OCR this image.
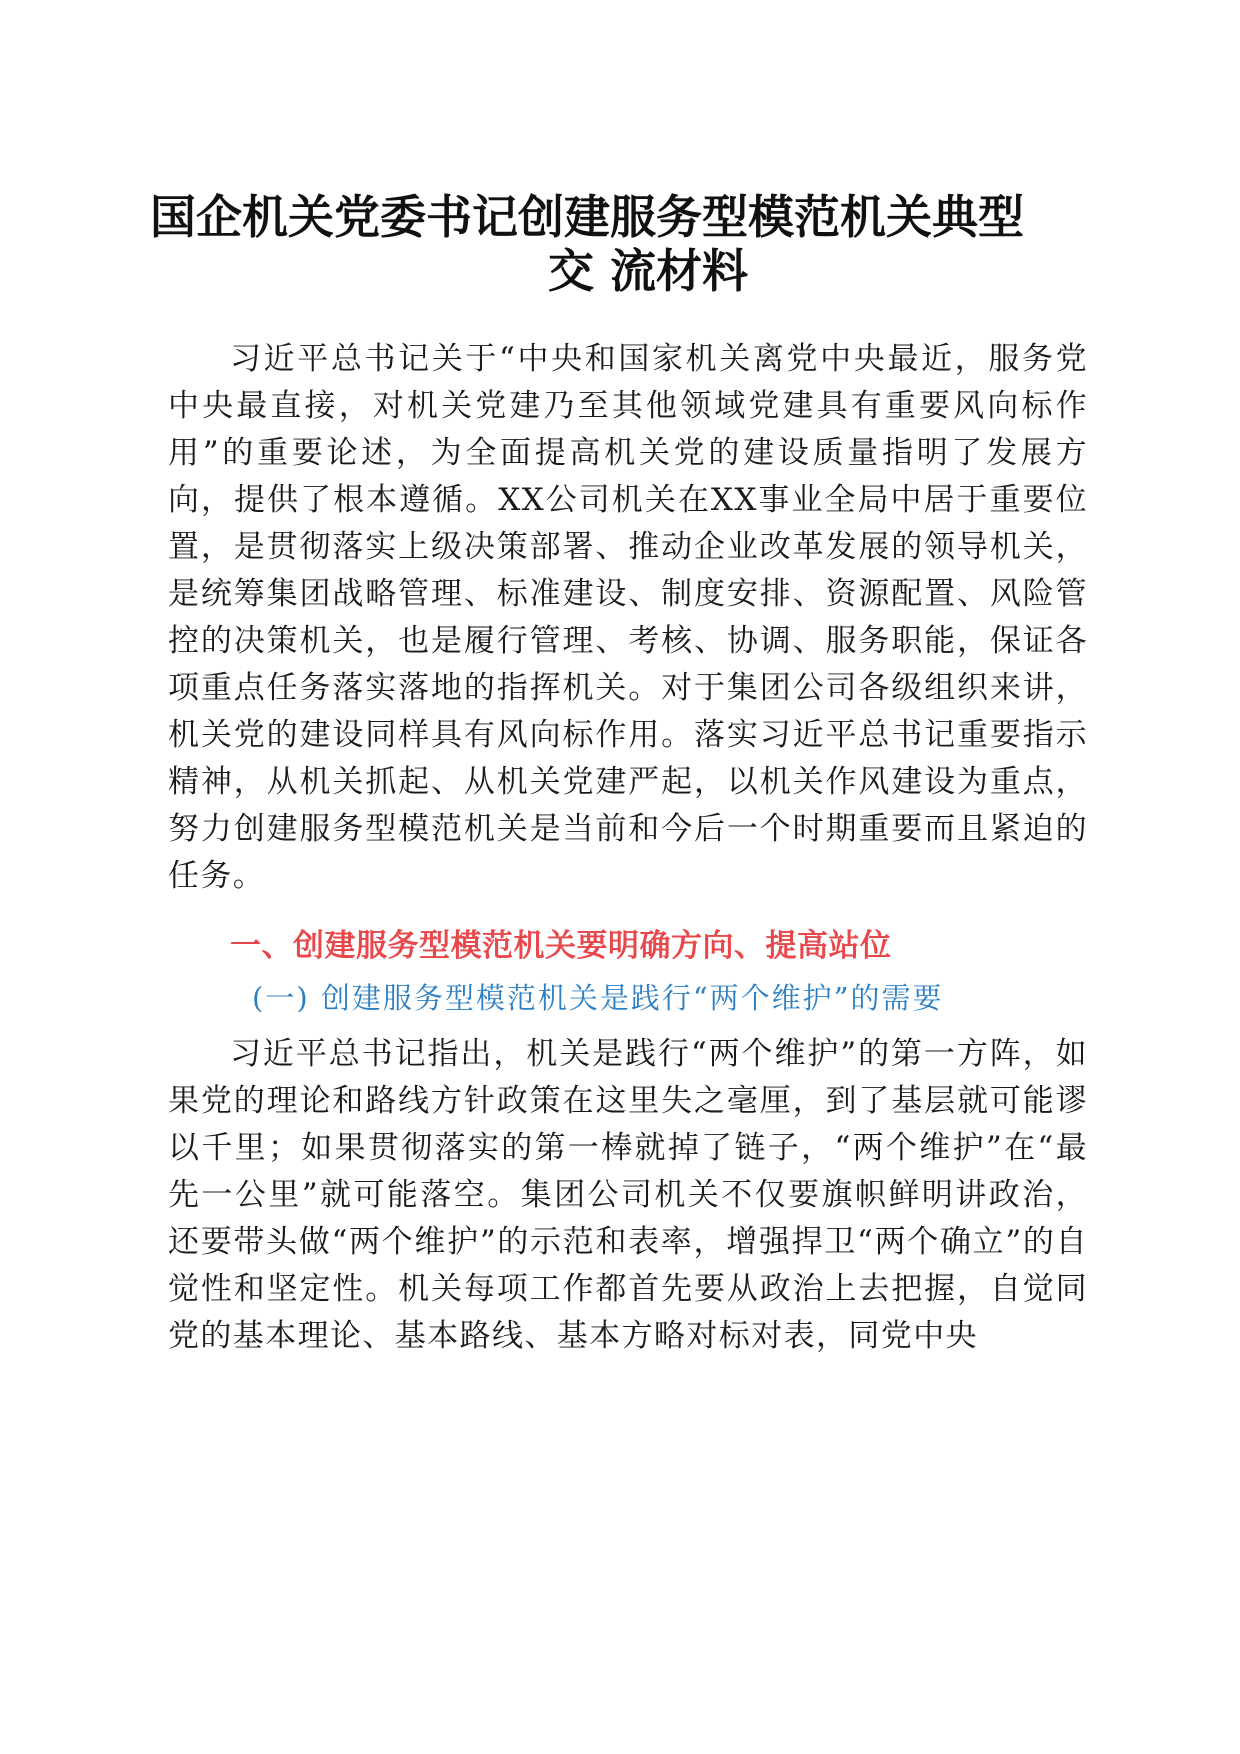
国企机关党委书记创建服务型模范机关典型
交 流材料

习近平总书记关于“中央和国家机关离党中央最近，服务党中央最直接，对机关党建乃至其他领域党建具有重要风向标作用”的重要论述，为全面提高机关党的建设质量指明了发展方向，提供了根本遵循。XX公司机关在XX事业全局中居于重要位置，是贯彻落实上级决策部署、推动企业改革发展的领导机关，是统筹集团战略管理、标准建设、制度安排、资源配置、风险管控的决策机关，也是履行管理、考核、协调、服务职能，保证各项重点任务落实落地的指挥机关。对于集团公司各级组织来讲，机关党的建设同样具有风向标作用。落实习近平总书记重要指示精神，从机关抓起、从机关党建严起，以机关作风建设为重点，努力创建服务型模范机关是当前和今后一个时期重要而且紧迫的任务。

一、创建服务型模范机关要明确方向、提高站位
(一) 创建服务型模范机关是践行“两个维护”的需要

习近平总书记指出，机关是践行“两个维护”的第一方阵，如果党的理论和路线方针政策在这里失之毫厘，到了基层就可能谬以千里；如果贯彻落实的第一棒就掉了链子，“两个维护”在“最先一公里”就可能落空。集团公司机关不仅要旗帜鲜明讲政治，还要带头做“两个维护”的示范和表率，增强捍卫“两个确立”的自觉性和坚定性。机关每项工作都首先要从政治上去把握，自觉同党的基本理论、基本路线、基本方略对标对表，同党中央
